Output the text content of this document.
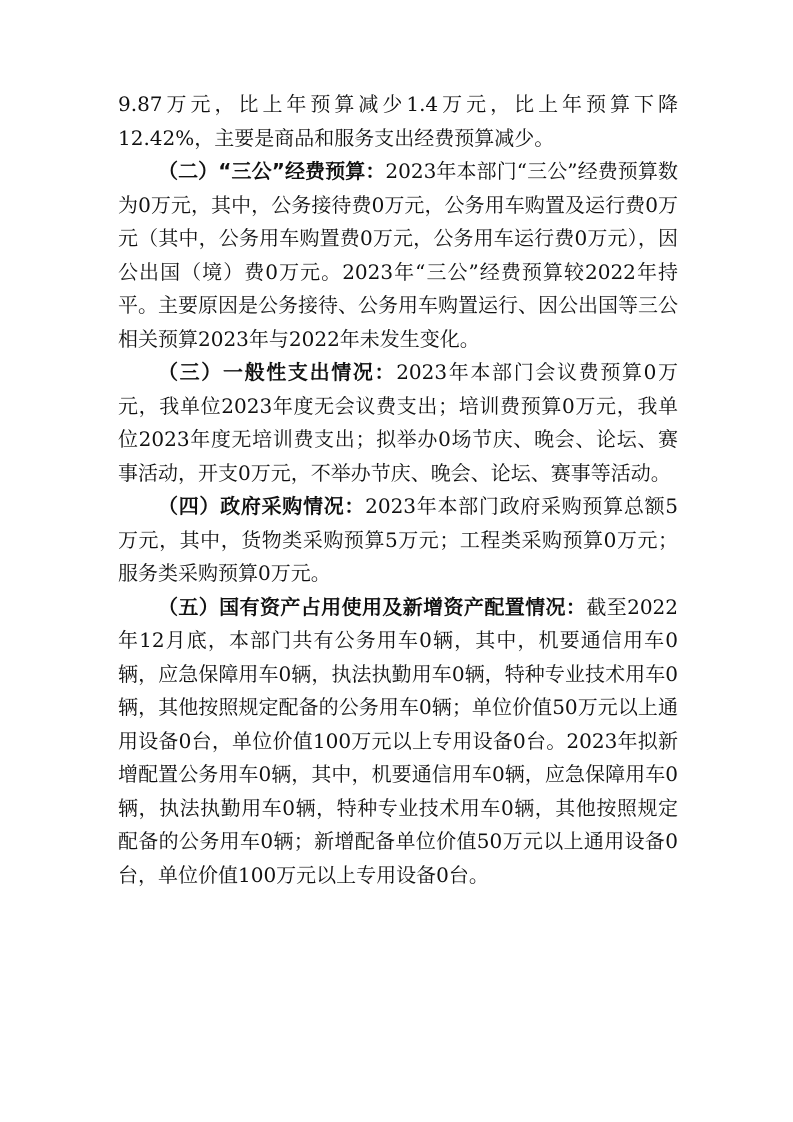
9.87万元，比上年预算减少1.4万元，比上年预算下降12.42%，主要是商品和服务支出经费预算减少。

（二）“三公”经费预算：2023年本部门“三公”经费预算数为0万元，其中，公务接待费0万元，公务用车购置及运行费0万元（其中，公务用车购置费0万元，公务用车运行费0万元），因公出国（境）费0万元。2023年“三公”经费预算较2022年持平。主要原因是公务接待、公务用车购置运行、因公出国等三公相关预算2023年与2022年未发生变化。

（三）一般性支出情况：2023年本部门会议费预算0万元，我单位2023年度无会议费支出；培训费预算0万元，我单位2023年度无培训费支出；拟举办0场节庆、晚会、论坛、赛事活动，开支0万元，不举办节庆、晚会、论坛、赛事等活动。

（四）政府采购情况：2023年本部门政府采购预算总额5万元，其中，货物类采购预算5万元；工程类采购预算0万元；服务类采购预算0万元。

（五）国有资产占用使用及新增资产配置情况：截至2022年12月底，本部门共有公务用车0辆，其中，机要通信用车0辆，应急保障用车0辆，执法执勤用车0辆，特种专业技术用车0辆，其他按照规定配备的公务用车0辆；单位价值50万元以上通用设备0台，单位价值100万元以上专用设备0台。2023年拟新增配置公务用车0辆，其中，机要通信用车0辆，应急保障用车0辆，执法执勤用车0辆，特种专业技术用车0辆，其他按照规定配备的公务用车0辆；新增配备单位价值50万元以上通用设备0台，单位价值100万元以上专用设备0台。
